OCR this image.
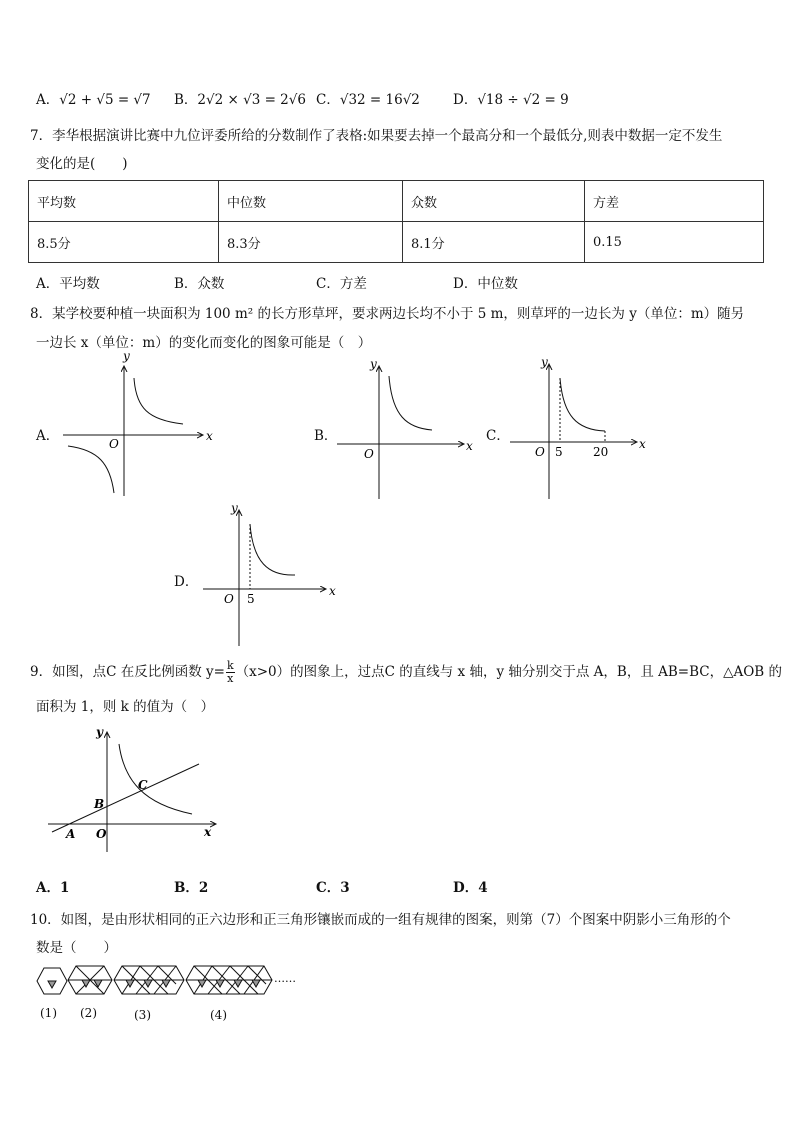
A．√2 + √5 = √7 B．2√2 × √3 = 2√6 C．√32 = 16√2 D．√18 ÷ √2 = 9
7．李华根据演讲比赛中九位评委所给的分数制作了表格:如果要去掉一个最高分和一个最低分,则表中数据一定不发生
变化的是(　　)
平均数	中位数	众数	方差
8.5分	8.3分	8.1分	0.15
A．平均数	B．众数	C．方差	D．中位数
8．某学校要种植一块面积为 100 m² 的长方形草坪，要求两边长均不小于 5 m，则草坪的一边长为 y（单位：m）随另
一边长 x（单位：m）的变化而变化的图象可能是（　）
A．
y
x
O	B．
y
x
O
C．
y
x
O 5	20
D．
y
x
O 5
9．如图，点C 在反比例函数 $y= \frac{k}{x} (x>0)$的图象上，过点C 的直线与 x 轴，y 轴分别交于点 A，B，且 AB=BC，△AOB 的
面积为 1，则 k 的值为（　）
y
x
A
B
C
O
A．1	B．2	C．3	D．4
10．如图，是由形状相同的正六边形和正三角形镶嵌而成的一组有规律的图案，则第（7）个图案中阴影小三角形的个
数是（　　）
……
(1) (2)	(3)	(4)
